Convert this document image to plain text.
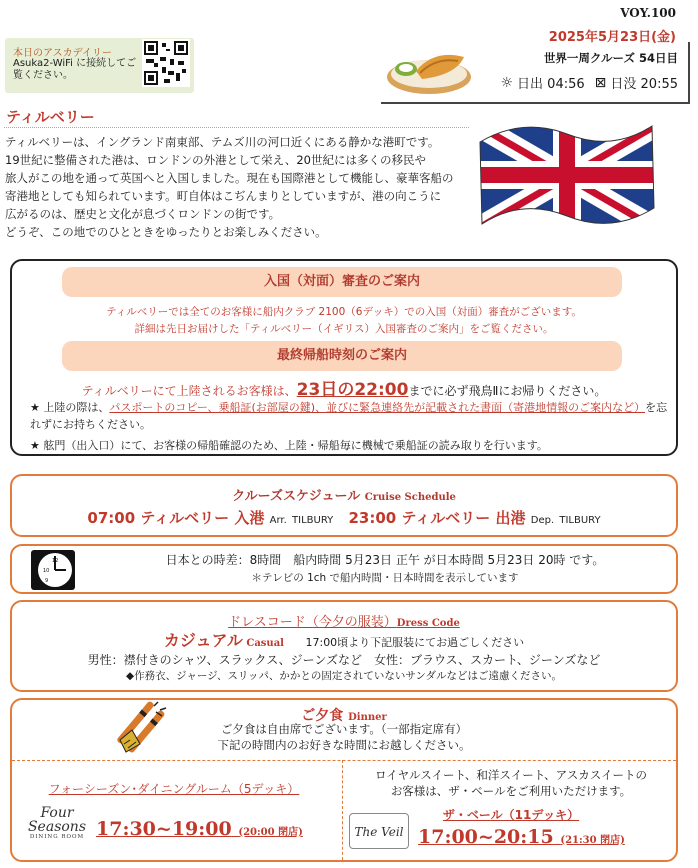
VOY.100
2025年5月23日(金)
世界一周クルーズ 54日目
☼ 日出 04:56 ⊠ 日没 20:55
本日のアスカデイリー
Asuka2-WiFi に接続してご覧ください。
ティルベリー
ティルベリーは、イングランド南東部、テムズ川の河口近くにある静かな港町です。
19世紀に整備された港は、ロンドンの外港として栄え、20世紀には多くの移民や
旅人がこの地を通って英国へと入国しました。現在も国際港として機能し、豪華客船の
寄港地としても知られています。町自体はこぢんまりとしていますが、港の向こうに
広がるのは、歴史と文化が息づくロンドンの街です。
どうぞ、この地でのひとときをゆったりとお楽しみください。
入国（対面）審査のご案内
ティルベリーでは全てのお客様に船内クラブ 2100（6デッキ）での入国（対面）審査がございます。
詳細は先日お届けした「ティルベリー（イギリス）入国審査のご案内」をご覧ください。
最終帰船時刻のご案内
ティルベリーにて上陸されるお客様は、23日の22:00までに必ず飛鳥Ⅱにお帰りください。
★ 上陸の際は、パスポートのコピー、乗船証(お部屋の鍵)、並びに緊急連絡先が記載された書面（寄港地情報のご案内など）を忘れずにお持ちください。
★ 舷門（出入口）にて、お客様の帰船確認のため、上陸・帰船毎に機械で乗船証の読み取りを行います。
クルーズスケジュール Cruise Schedule
07:00 ティルベリー 入港 Arr. TILBURY 23:00 ティルベリー 出港 Dep. TILBURY
12
10
9
日本との時差：8時間　船内時間 5月23日 正午 が日本時間 5月23日 20時 です。
＊テレビの 1ch で船内時間・日本時間を表示しています
ドレスコード（今夕の服装）Dress Code
カジュアル Casual 17:00頃より下記服装にてお過ごしください
男性：襟付きのシャツ、スラックス、ジーンズなど　女性：ブラウス、スカート、ジーンズなど
◆作務衣、ジャージ、スリッパ、かかとの固定されていないサンダルなどはご遠慮ください。
ご夕食 Dinner
ご夕食は自由席でございます。（一部指定席有）
下記の時間内のお好きな時間にお越しください。
フォーシーズン･ダイニングルーム（5デッキ）
Four
Seasons
DINING ROOM 17:30~19:00 (20:00 閉店)
ロイヤルスイート、和洋スイート、アスカスイートの
お客様は、ザ・ベールをご利用いただけます。
ザ・ベール（11デッキ）
The Veil 17:00~20:15 (21:30 閉店)
